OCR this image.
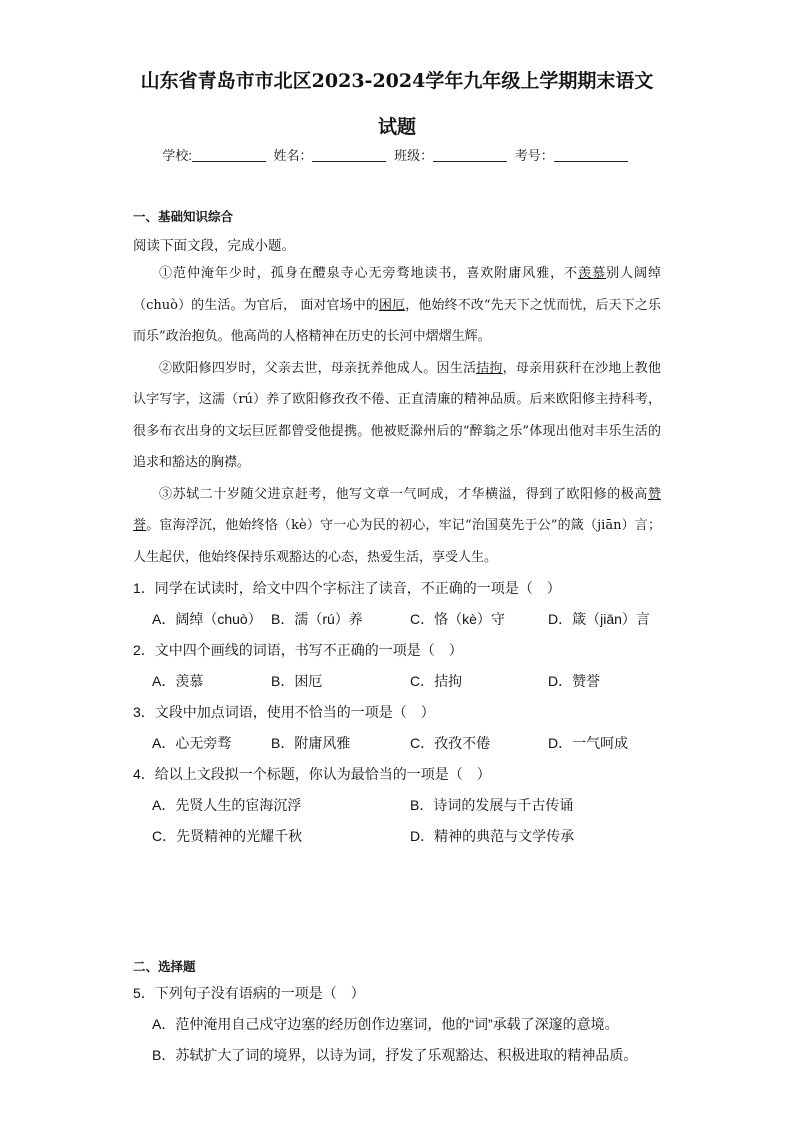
山东省青岛市市北区2023-2024学年九年级上学期期末语文
试题
学校:	姓名：	班级：	考号：
一、基础知识综合
阅读下面文段，完成小题。

①范仲淹年少时，孤身在醴泉寺心无旁骛地读书，喜欢附庸风雅，不羡慕别人阔绰（chuò）的生活。为官后， 面对官场中的困厄，他始终不改“先天下之忧而忧，后天下之乐而乐”政治抱负。他高尚的人格精神在历史的长河中熠熠生辉。

②欧阳修四岁时，父亲去世，母亲抚养他成人。因生活拮拘，母亲用荻秆在沙地上教他认字写字，这濡（rú）养了欧阳修孜孜不倦、正直清廉的精神品质。后来欧阳修主持科考，很多布衣出身的文坛巨匠都曾受他提携。他被贬滁州后的“醉翁之乐”体现出他对丰乐生活的追求和豁达的胸襟。

③苏轼二十岁随父进京赶考，他写文章一气呵成，才华横溢，得到了欧阳修的极高赞誉。宦海浮沉，他始终恪（kè）守一心为民的初心，牢记“治国莫先于公”的箴（jiān）言；人生起伏，他始终保持乐观豁达的心态，热爱生活，享受人生。

1．同学在试读时，给文中四个字标注了读音，不正确的一项是（　）
A．阔绰（chuò） B．濡（rú）养	C．恪（kè）守	D．箴（jiān）言
2．文中四个画线的词语，书写不正确的一项是（　）
A．羡慕	B．困厄	C．拮拘	D．赞誉
3．文段中加点词语，使用不恰当的一项是（　）
A．心无旁骛	B．附庸风雅	C．孜孜不倦	D．一气呵成
4．给以上文段拟一个标题，你认为最恰当的一项是（　）
A．先贤人生的宦海沉浮	B．诗词的发展与千古传诵
C．先贤精神的光耀千秋	D．精神的典范与文学传承
二、选择题
5．下列句子没有语病的一项是（　）
A．范仲淹用自己戍守边塞的经历创作边塞词，他的“词”承载了深邃的意境。
B．苏轼扩大了词的境界，以诗为词，抒发了乐观豁达、积极进取的精神品质。
